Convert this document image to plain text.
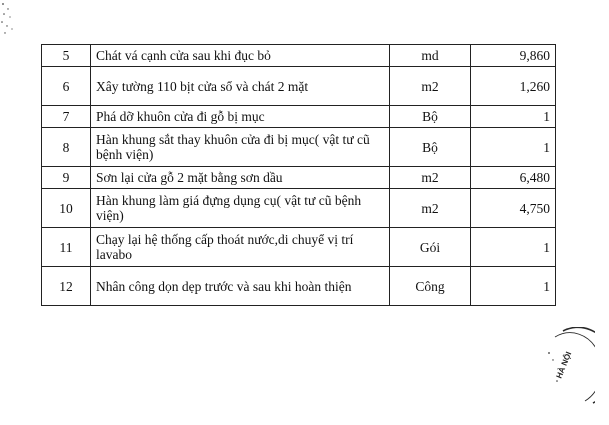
5	Chát vá cạnh cửa sau khi đục bỏ	md	9,860
6	Xây tường 110 bịt cửa sổ và chát 2 mặt	m2	1,260
7	Phá dỡ khuôn cửa đi gỗ bị mục	Bộ	1
8	Hàn khung sắt thay khuôn cửa đi bị mục( vật tư cũ bệnh viện)	Bộ	1
9	Sơn lại cửa gỗ 2 mặt bằng sơn dầu	m2	6,480
10	Hàn khung làm giá đựng dụng cụ( vật tư cũ bệnh viện)	m2	4,750
11	Chạy lại hệ thống cấp thoát nước,di chuyể vị trí lavabo	Gói	1
12	Nhân công dọn dẹp trước và sau khi hoàn thiện	Công	1
HÀ NỘI
